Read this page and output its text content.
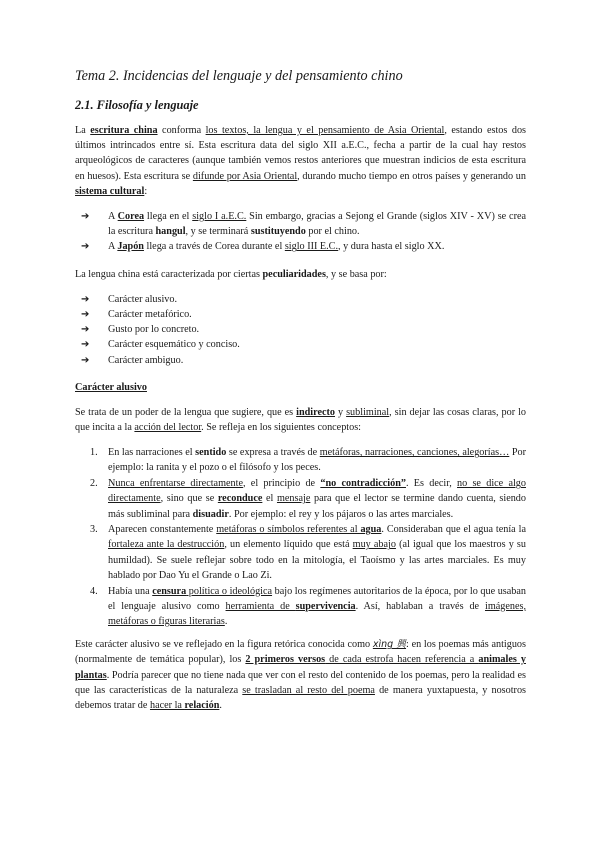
Tema 2. Incidencias del lenguaje y del pensamiento chino
2.1. Filosofía y lenguaje

La escritura china conforma los textos, la lengua y el pensamiento de Asia Oriental, estando estos dos últimos intrincados entre sí. Esta escritura data del siglo XII a.E.C., fecha a partir de la cual hay restos arqueológicos de caracteres (aunque también vemos restos anteriores que muestran indicios de esta escritura en huesos). Esta escritura se difunde por Asia Oriental, durando mucho tiempo en otros países y generando un sistema cultural:

➔ A Corea llega en el siglo I a.E.C. Sin embargo, gracias a Sejong el Grande (siglos XIV - XV) se crea la escritura hangul, y se terminará sustituyendo por el chino.
➔ A Japón llega a través de Corea durante el siglo III E.C., y dura hasta el siglo XX.

La lengua china está caracterizada por ciertas peculiaridades, y se basa por:

➔ Carácter alusivo.
➔ Carácter metafórico.
➔ Gusto por lo concreto.
➔ Carácter esquemático y conciso.
➔ Carácter ambiguo.
Carácter alusivo

Se trata de un poder de la lengua que sugiere, que es indirecto y subliminal, sin dejar las cosas claras, por lo que incita a la acción del lector. Se refleja en los siguientes conceptos:

1. En las narraciones el sentido se expresa a través de metáforas, narraciones, canciones, alegorías… Por ejemplo: la ranita y el pozo o el filósofo y los peces.
2. Nunca enfrentarse directamente, el principio de “no contradicción”. Es decir, no se dice algo directamente, sino que se reconduce el mensaje para que el lector se termine dando cuenta, siendo más subliminal para disuadir. Por ejemplo: el rey y los pájaros o las artes marciales.
3. Aparecen constantemente metáforas o símbolos referentes al agua. Consideraban que el agua tenía la fortaleza ante la destrucción, un elemento líquido que está muy abajo (al igual que los maestros y su humildad). Se suele reflejar sobre todo en la mitología, el Taoísmo y las artes marciales. Es muy hablado por Dao Yu el Grande o Lao Zi.
4. Había una censura política o ideológica bajo los regímenes autoritarios de la época, por lo que usaban el lenguaje alusivo como herramienta de supervivencia. Así, hablaban a través de imágenes, metáforas o figuras literarias.

Este carácter alusivo se ve reflejado en la figura retórica conocida como xìng 興: en los poemas más antiguos (normalmente de temática popular), los 2 primeros versos de cada estrofa hacen referencia a animales y plantas. Podría parecer que no tiene nada que ver con el resto del contenido de los poemas, pero la realidad es que las características de la naturaleza se trasladan al resto del poema de manera yuxtapuesta, y nosotros debemos tratar de hacer la relación.
